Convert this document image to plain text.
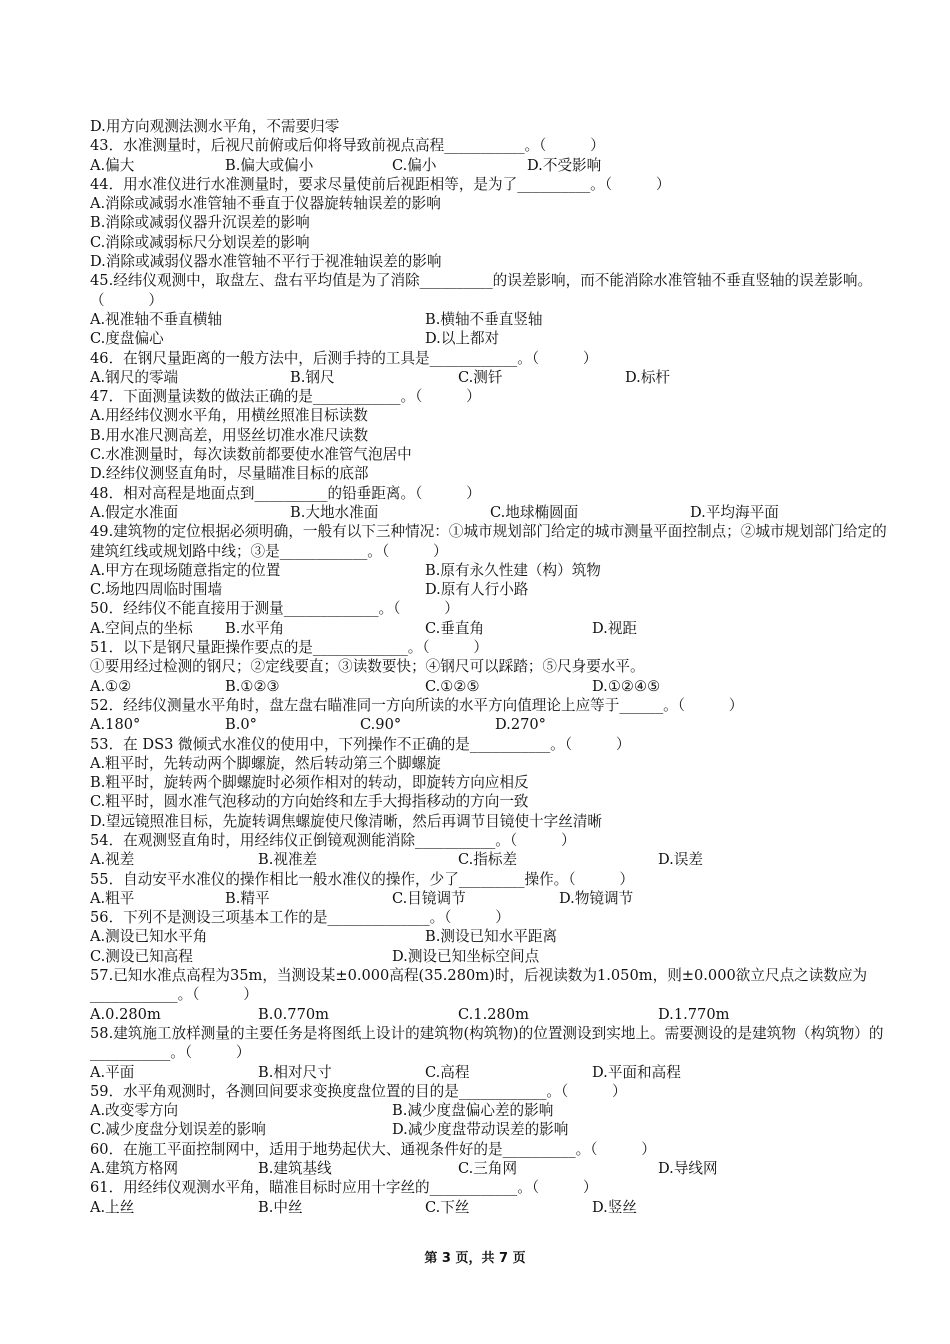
D.用方向观测法测水平角，不需要归零
43．水准测量时，后视尺前俯或后仰将导致前视点高程___________。（　　　）
A.偏大	B.偏大或偏小	C.偏小	D.不受影响
44．用水准仪进行水准测量时，要求尽量使前后视距相等，是为了__________。（　　　）
A.消除或减弱水准管轴不垂直于仪器旋转轴误差的影响
B.消除或减弱仪器升沉误差的影响
C.消除或减弱标尺分划误差的影响
D.消除或减弱仪器水准管轴不平行于视准轴误差的影响
45.经纬仪观测中，取盘左、盘右平均值是为了消除__________的误差影响，而不能消除水准管轴不垂直竖轴的误差影响。（　　　）
A.视准轴不垂直横轴	B.横轴不垂直竖轴
C.度盘偏心	D.以上都对
46．在钢尺量距离的一般方法中，后测手持的工具是____________。（　　　）
A.钢尺的零端	B.钢尺	C.测钎	D.标杆
47．下面测量读数的做法正确的是____________。（　　　）
A.用经纬仪测水平角，用横丝照准目标读数
B.用水准尺测高差，用竖丝切准水准尺读数
C.水准测量时，每次读数前都要使水准管气泡居中
D.经纬仪测竖直角时，尽量瞄准目标的底部
48．相对高程是地面点到__________的铅垂距离。（　　　）
A.假定水准面	B.大地水准面	C.地球椭圆面	D.平均海平面
49.建筑物的定位根据必须明确，一般有以下三种情况：①城市规划部门给定的城市测量平面控制点；②城市规划部门给定的建筑红线或规划路中线；③是____________。（　　　）
A.甲方在现场随意指定的位置	B.原有永久性建（构）筑物
C.场地四周临时围墙	D.原有人行小路
50．经纬仪不能直接用于测量_____________。（　　　）
A.空间点的坐标	B.水平角	C.垂直角	D.视距
51．以下是钢尺量距操作要点的是_____________。（　　　）
①要用经过检测的钢尺；②定线要直；③读数要快；④钢尺可以踩踏；⑤尺身要水平。
A.①②	B.①②③	C.①②⑤	D.①②④⑤
52．经纬仪测量水平角时，盘左盘右瞄准同一方向所读的水平方向值理论上应等于______。（　　　）
A.180°	B.0°	C.90°	D.270°
53．在 DS3 微倾式水准仪的使用中，下列操作不正确的是___________。（　　　）
A.粗平时，先转动两个脚螺旋，然后转动第三个脚螺旋
B.粗平时，旋转两个脚螺旋时必须作相对的转动，即旋转方向应相反
C.粗平时，圆水准气泡移动的方向始终和左手大拇指移动的方向一致
D.望远镜照准目标，先旋转调焦螺旋使尺像清晰，然后再调节目镜使十字丝清晰
54．在观测竖直角时，用经纬仪正倒镜观测能消除___________。（　　　）
A.视差	B.视准差	C.指标差	D.误差
55．自动安平水准仪的操作相比一般水准仪的操作，少了_________操作。（　　　）
A.粗平	B.精平	C.目镜调节	D.物镜调节
56．下列不是测设三项基本工作的是______________。（　　　）
A.测设已知水平角	B.测设已知水平距离
C.测设已知高程	D.测设已知坐标空间点
57.已知水准点高程为35m，当测设某±0.000高程(35.280m)时，后视读数为1.050m，则±0.000欲立尺点之读数应为____________。（　　　）
A.0.280m	B.0.770m	C.1.280m	D.1.770m
58.建筑施工放样测量的主要任务是将图纸上设计的建筑物(构筑物)的位置测设到实地上。需要测设的是建筑物（构筑物）的___________。（　　　）
A.平面	B.相对尺寸	C.高程	D.平面和高程
59．水平角观测时，各测回间要求变换度盘位置的目的是____________。（　　　）
A.改变零方向	B.减少度盘偏心差的影响
C.减少度盘分划误差的影响	D.减少度盘带动误差的影响
60．在施工平面控制网中，适用于地势起伏大、通视条件好的是__________。（　　　）
A.建筑方格网	B.建筑基线	C.三角网	D.导线网
61．用经纬仪观测水平角，瞄准目标时应用十字丝的____________。（　　　）
A.上丝	B.中丝	C.下丝	D.竖丝
第 3 页，共 7 页
